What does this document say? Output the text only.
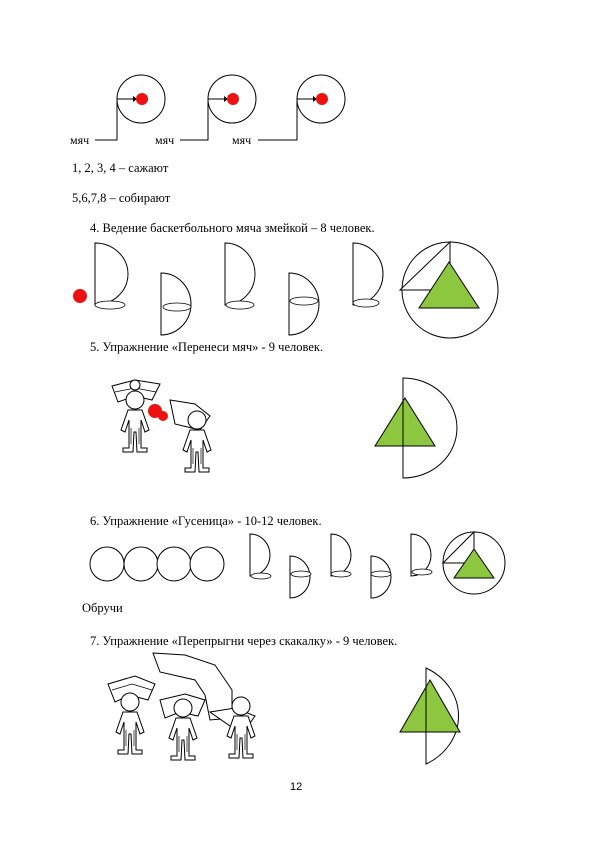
мяч	мяч	мяч
1, 2, 3, 4 – сажают
5,6,7,8 – собирают
4. Ведение баскетбольного мяча змейкой – 8 человек.
5. Упражнение «Перенеси мяч» - 9 человек.
6. Упражнение «Гусеница» - 10-12 человек.
Обручи
7. Упражнение «Перепрыгни через скакалку» - 9 человек.
12
